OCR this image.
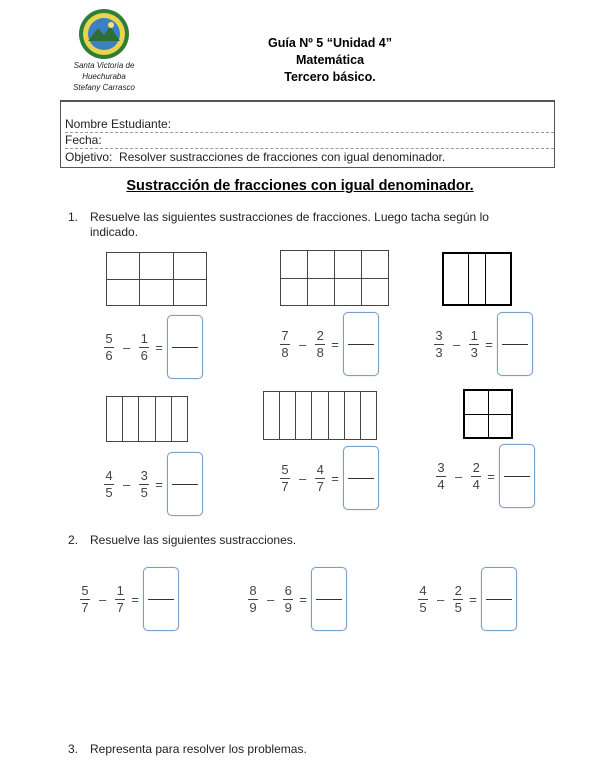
Santa Victoria de
Huechuraba
Stefany Carrasco
Guía Nº 5 “Unidad 4”
Matemática
Tercero básico.
Nombre Estudiante:
Fecha:
Objetivo: Resolver sustracciones de fracciones con igual denominador.
Sustracción de fracciones con igual denominador.
1. Resuelve las siguientes sustracciones de fracciones. Luego tacha según lo
indicado.

$\frac{5}{6} - \frac{1}{6}$ =	$\frac{7}{8} - \frac{2}{8}$ =	$\frac{3}{3} - \frac{1}{3}$ =

$\frac{4}{5} - \frac{3}{5}$ =	$\frac{5}{7} - \frac{4}{7}$ =	$\frac{3}{4} - \frac{2}{4}$ =
2. Resuelve las siguientes sustracciones.
$\frac{5}{7} - \frac{1}{7}$ =	$\frac{8}{9} - \frac{6}{9}$ =	$\frac{4}{5} - \frac{2}{5}$ =
3. Representa para resolver los problemas.
